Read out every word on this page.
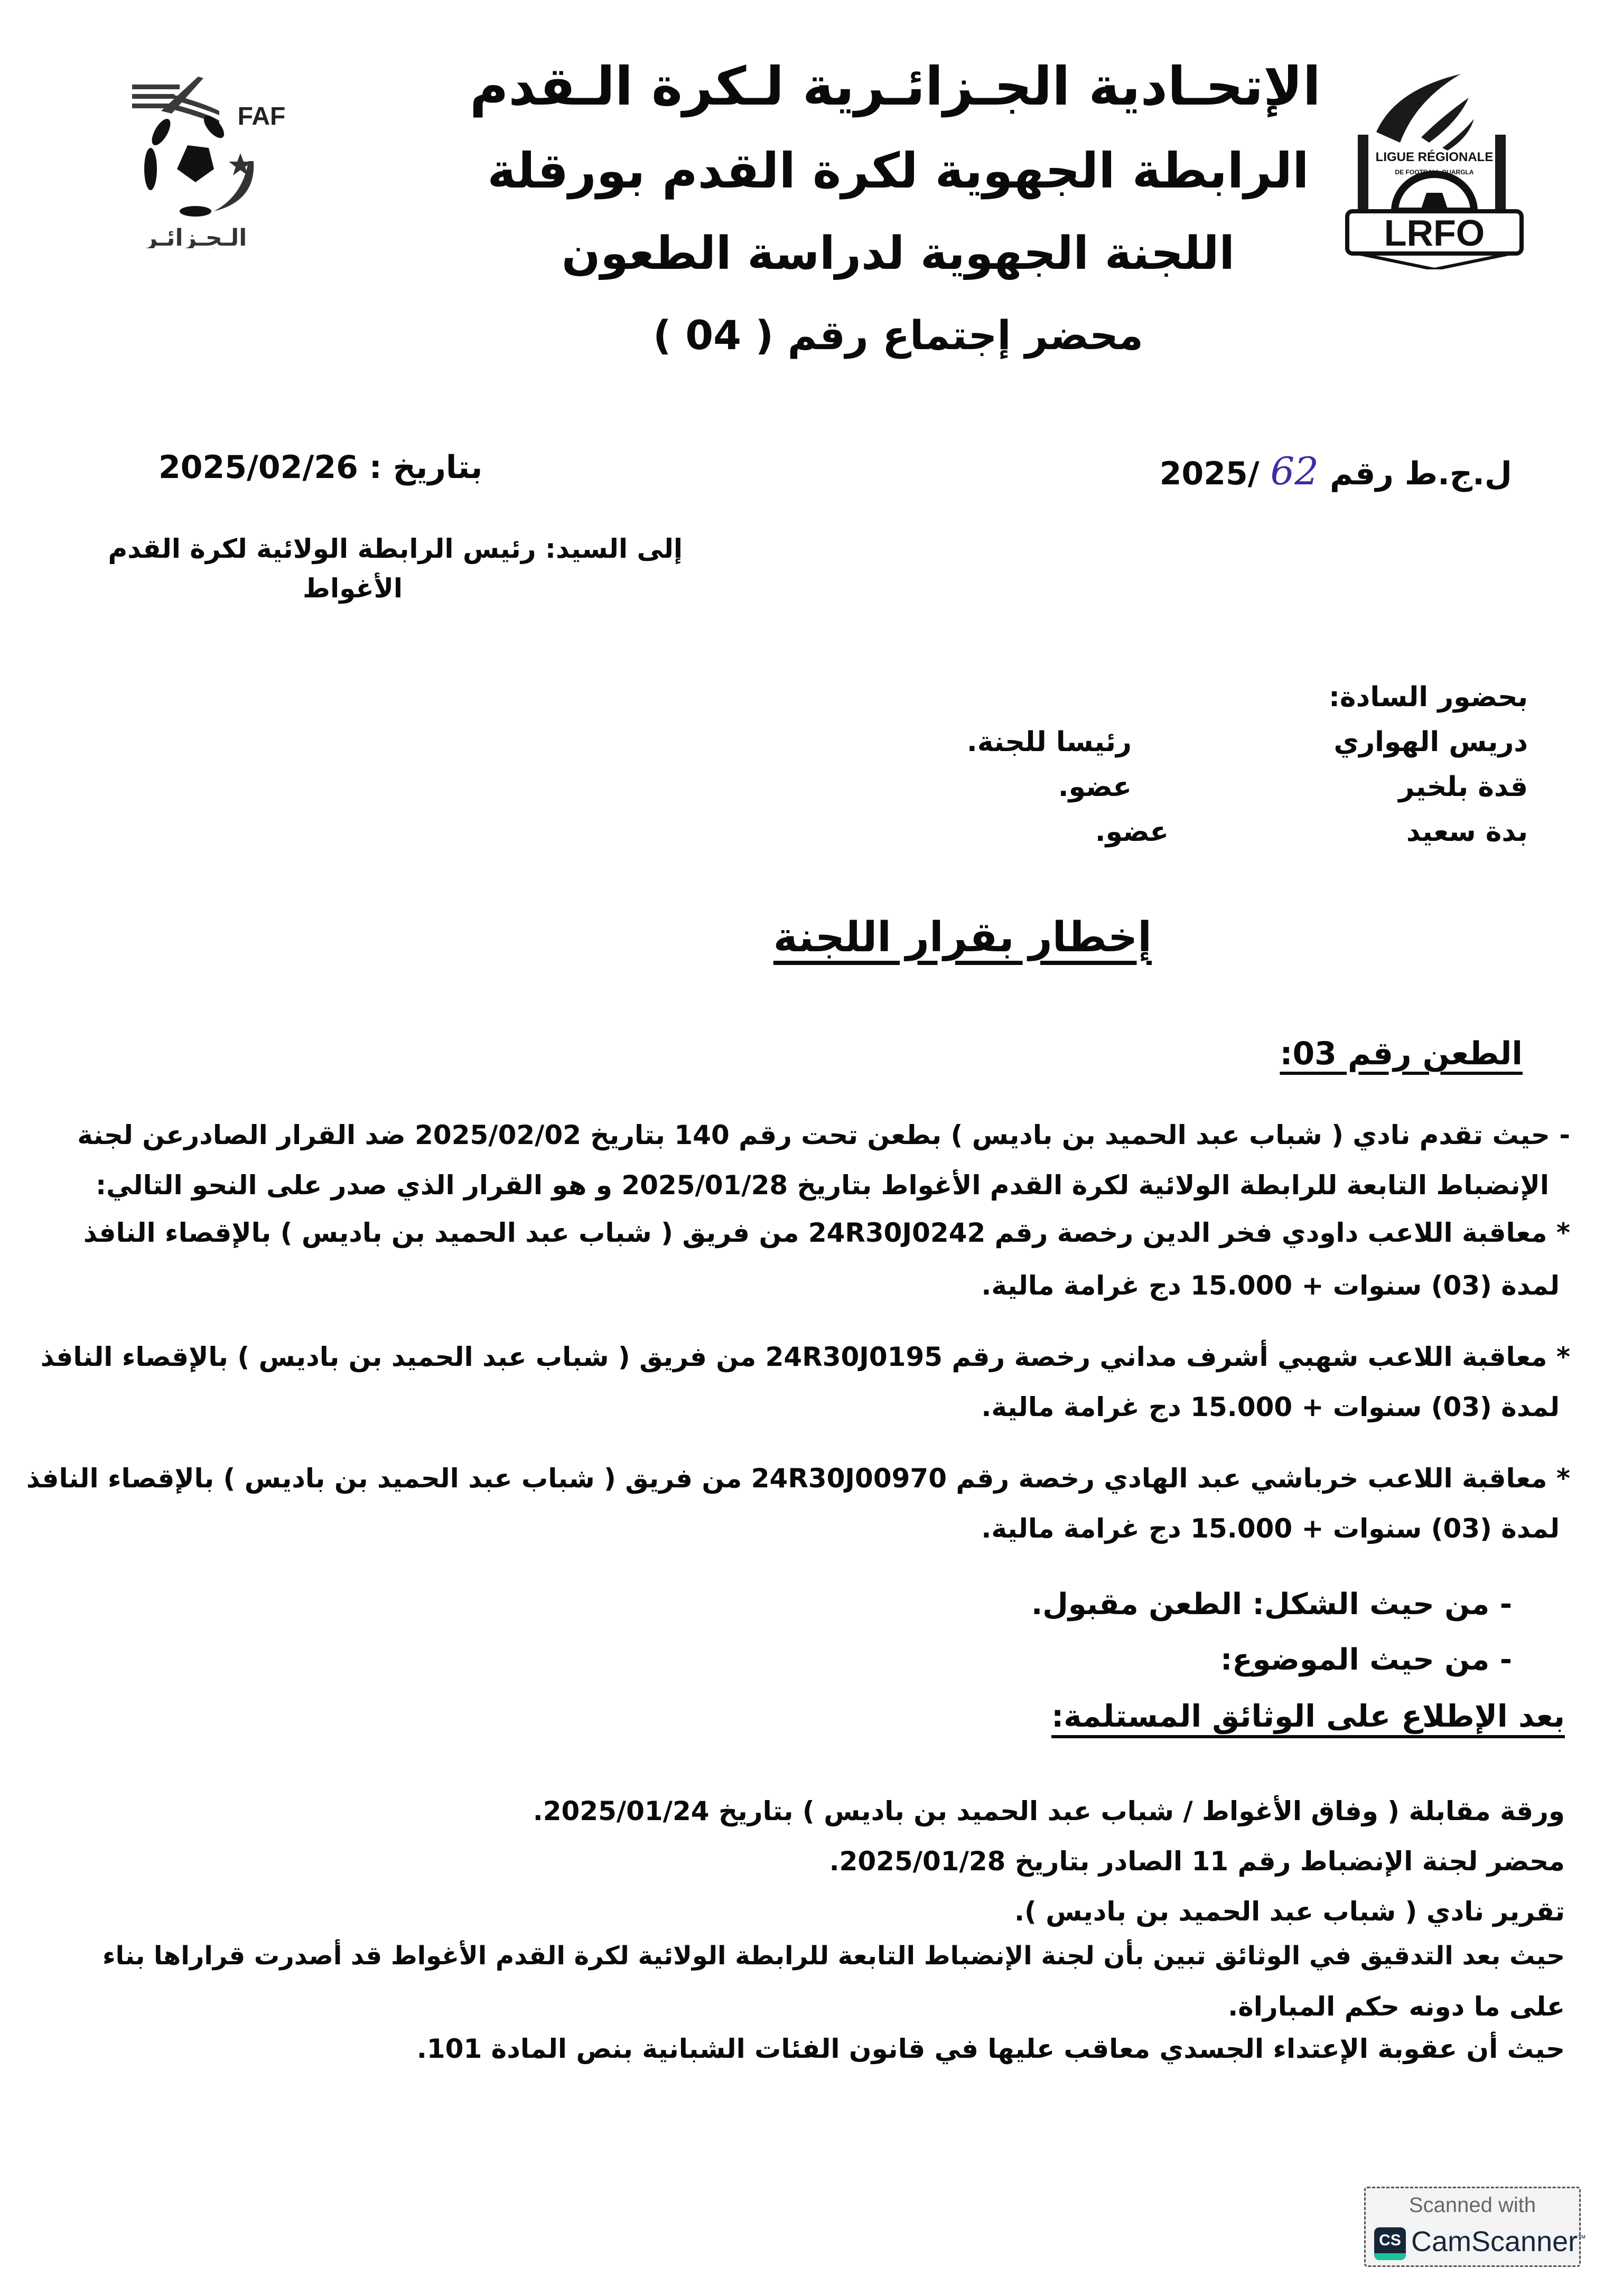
FAF
الـجـزائـر
LIGUE RÉGIONALE
DE FOOTBALL OUARGLA
LRFO
الإتحـادية الجـزائـرية لـكرة الـقدم
الرابطة الجهوية لكرة القدم بورقلة
اللجنة الجهوية لدراسة الطعون
محضر إجتماع رقم ( 04 )
ل.ج.ط رقم 62 2025/
بتاريخ : 2025/02/26
إلى السيد: رئيس الرابطة الولائية لكرة القدم
الأغواط
بحضور السادة:
دريس الهواري
رئيسا للجنة.
قدة بلخير
عضو.
بدة سعيد
عضو.
إخطار بقرار اللجنة
الطعن رقم 03:
- حيث تقدم نادي ( شباب عبد الحميد بن باديس ) بطعن تحت رقم 140 بتاريخ 2025/02/02 ضد القرار الصادرعن لجنة
الإنضباط التابعة للرابطة الولائية لكرة القدم الأغواط بتاريخ 2025/01/28 و هو القرار الذي صدر على النحو التالي:
* معاقبة اللاعب داودي فخر الدين رخصة رقم 24R30J0242 من فريق ( شباب عبد الحميد بن باديس ) بالإقصاء النافذ
لمدة (03) سنوات + 15.000 دج غرامة مالية.
* معاقبة اللاعب شهبي أشرف مداني رخصة رقم 24R30J0195 من فريق ( شباب عبد الحميد بن باديس ) بالإقصاء النافذ
لمدة (03) سنوات + 15.000 دج غرامة مالية.
* معاقبة اللاعب خرباشي عبد الهادي رخصة رقم 24R30J00970 من فريق ( شباب عبد الحميد بن باديس ) بالإقصاء النافذ
لمدة (03) سنوات + 15.000 دج غرامة مالية.
- من حيث الشكل: الطعن مقبول.
- من حيث الموضوع:
بعد الإطلاع على الوثائق المستلمة:
ورقة مقابلة ( وفاق الأغواط / شباب عبد الحميد بن باديس ) بتاريخ 2025/01/24.
محضر لجنة الإنضباط رقم 11 الصادر بتاريخ 2025/01/28.
تقرير نادي ( شباب عبد الحميد بن باديس ).
حيث بعد التدقيق في الوثائق تبين بأن لجنة الإنضباط التابعة للرابطة الولائية لكرة القدم الأغواط قد أصدرت قراراها بناء
على ما دونه حكم المباراة.
حيث أن عقوبة الإعتداء الجسدي معاقب عليها في قانون الفئات الشبانية بنص المادة 101.
Scanned with
CS CamScanner™
